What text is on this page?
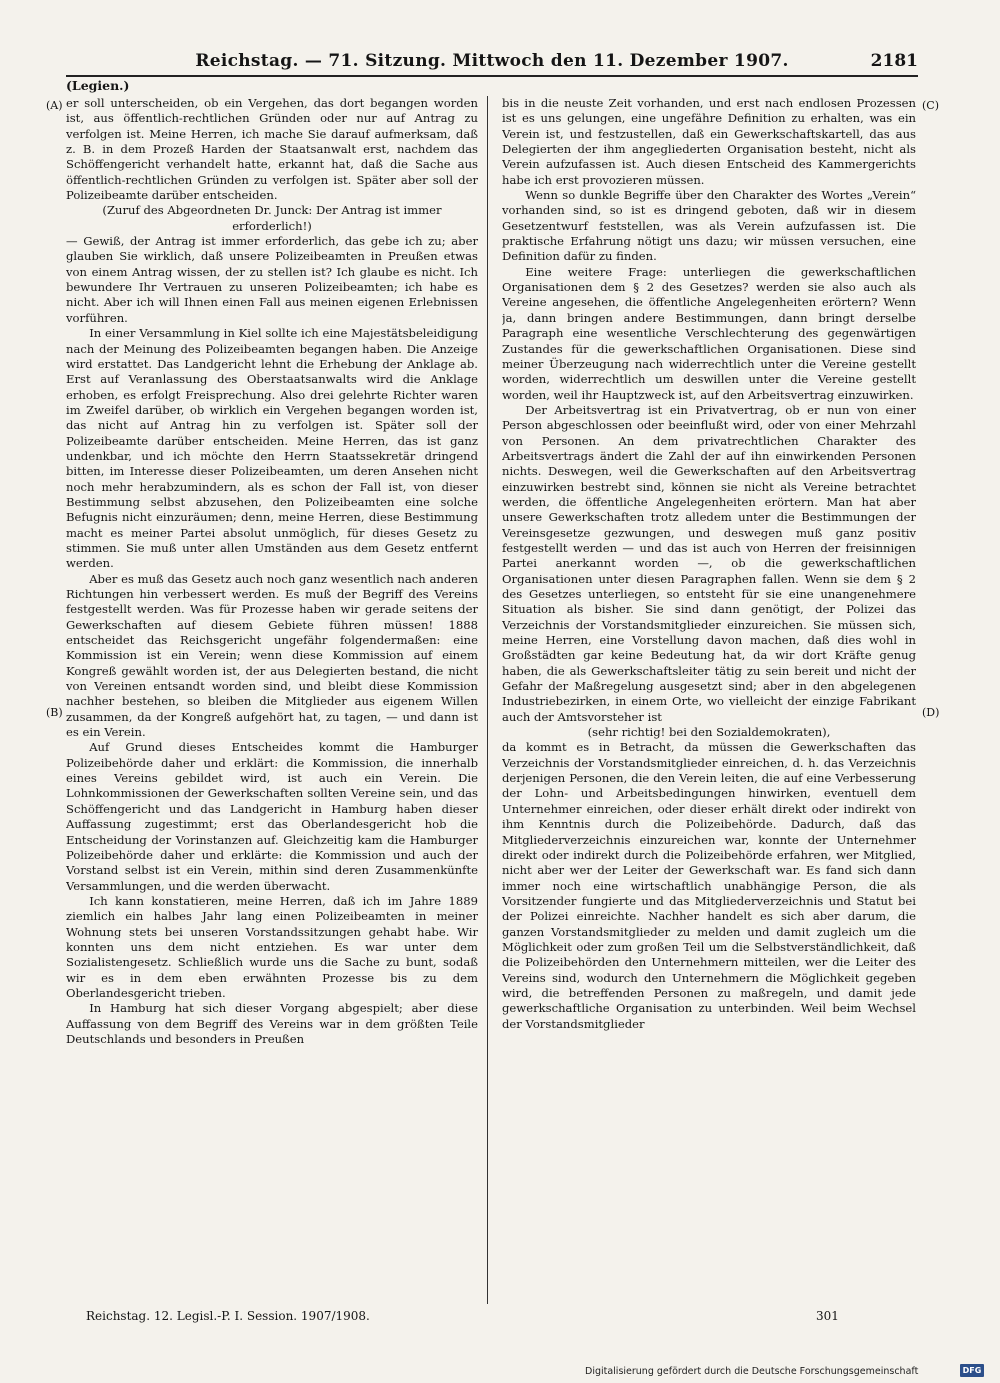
Reichstag. — 71. Sitzung. Mittwoch den 11. Dezember 1907.	2181
(Legien.)
(A)
(B)
(C)
(D)

er soll unterscheiden, ob ein Vergehen, das dort begangen worden ist, aus öffentlich-rechtlichen Gründen oder nur auf Antrag zu verfolgen ist. Meine Herren, ich mache Sie darauf aufmerksam, daß z. B. in dem Prozeß Harden der Staatsanwalt erst, nachdem das Schöffengericht verhandelt hatte, erkannt hat, daß die Sache aus öffentlich-rechtlichen Gründen zu verfolgen ist. Später aber soll der Polizeibeamte darüber entscheiden.

(Zuruf des Abgeordneten Dr. Junck: Der Antrag ist immer erforderlich!)

— Gewiß, der Antrag ist immer erforderlich, das gebe ich zu; aber glauben Sie wirklich, daß unsere Polizeibeamten in Preußen etwas von einem Antrag wissen, der zu stellen ist? Ich glaube es nicht. Ich bewundere Ihr Vertrauen zu unseren Polizeibeamten; ich habe es nicht. Aber ich will Ihnen einen Fall aus meinen eigenen Erlebnissen vorführen.

In einer Versammlung in Kiel sollte ich eine Majestätsbeleidigung nach der Meinung des Polizeibeamten begangen haben. Die Anzeige wird erstattet. Das Landgericht lehnt die Erhebung der Anklage ab. Erst auf Veranlassung des Oberstaatsanwalts wird die Anklage erhoben, es erfolgt Freisprechung. Also drei gelehrte Richter waren im Zweifel darüber, ob wirklich ein Vergehen begangen worden ist, das nicht auf Antrag hin zu verfolgen ist. Später soll der Polizeibeamte darüber entscheiden. Meine Herren, das ist ganz undenkbar, und ich möchte den Herrn Staatssekretär dringend bitten, im Interesse dieser Polizeibeamten, um deren Ansehen nicht noch mehr herabzumindern, als es schon der Fall ist, von dieser Bestimmung selbst abzusehen, den Polizeibeamten eine solche Befugnis nicht einzuräumen; denn, meine Herren, diese Bestimmung macht es meiner Partei absolut unmöglich, für dieses Gesetz zu stimmen. Sie muß unter allen Umständen aus dem Gesetz entfernt werden.

Aber es muß das Gesetz auch noch ganz wesentlich nach anderen Richtungen hin verbessert werden. Es muß der Begriff des Vereins festgestellt werden. Was für Prozesse haben wir gerade seitens der Gewerkschaften auf diesem Gebiete führen müssen! 1888 entscheidet das Reichsgericht ungefähr folgendermaßen: eine Kommission ist ein Verein; wenn diese Kommission auf einem Kongreß gewählt worden ist, der aus Delegierten bestand, die nicht von Vereinen entsandt worden sind, und bleibt diese Kommission nachher bestehen, so bleiben die Mitglieder aus eigenem Willen zusammen, da der Kongreß aufgehört hat, zu tagen, — und dann ist es ein Verein.

Auf Grund dieses Entscheides kommt die Hamburger Polizeibehörde daher und erklärt: die Kommission, die innerhalb eines Vereins gebildet wird, ist auch ein Verein. Die Lohnkommissionen der Gewerkschaften sollten Vereine sein, und das Schöffengericht und das Landgericht in Hamburg haben dieser Auffassung zugestimmt; erst das Oberlandesgericht hob die Entscheidung der Vorinstanzen auf. Gleichzeitig kam die Hamburger Polizeibehörde daher und erklärte: die Kommission und auch der Vorstand selbst ist ein Verein, mithin sind deren Zusammenkünfte Versammlungen, und die werden überwacht.

Ich kann konstatieren, meine Herren, daß ich im Jahre 1889 ziemlich ein halbes Jahr lang einen Polizeibeamten in meiner Wohnung stets bei unseren Vorstandssitzungen gehabt habe. Wir konnten uns dem nicht entziehen. Es war unter dem Sozialistengesetz. Schließlich wurde uns die Sache zu bunt, sodaß wir es in dem eben erwähnten Prozesse bis zu dem Oberlandesgericht trieben.

In Hamburg hat sich dieser Vorgang abgespielt; aber diese Auffassung von dem Begriff des Vereins war in dem größten Teile Deutschlands und besonders in Preußen

bis in die neuste Zeit vorhanden, und erst nach endlosen Prozessen ist es uns gelungen, eine ungefähre Definition zu erhalten, was ein Verein ist, und festzustellen, daß ein Gewerkschaftskartell, das aus Delegierten der ihm angegliederten Organisation besteht, nicht als Verein aufzufassen ist. Auch diesen Entscheid des Kammergerichts habe ich erst provozieren müssen.

Wenn so dunkle Begriffe über den Charakter des Wortes „Verein“ vorhanden sind, so ist es dringend geboten, daß wir in diesem Gesetzentwurf feststellen, was als Verein aufzufassen ist. Die praktische Erfahrung nötigt uns dazu; wir müssen versuchen, eine Definition dafür zu finden.

Eine weitere Frage: unterliegen die gewerkschaftlichen Organisationen dem § 2 des Gesetzes? werden sie also auch als Vereine angesehen, die öffentliche Angelegenheiten erörtern? Wenn ja, dann bringen andere Bestimmungen, dann bringt derselbe Paragraph eine wesentliche Verschlechterung des gegenwärtigen Zustandes für die gewerkschaftlichen Organisationen. Diese sind meiner Überzeugung nach widerrechtlich unter die Vereine gestellt worden, widerrechtlich um deswillen unter die Vereine gestellt worden, weil ihr Hauptzweck ist, auf den Arbeitsvertrag einzuwirken.

Der Arbeitsvertrag ist ein Privatvertrag, ob er nun von einer Person abgeschlossen oder beeinflußt wird, oder von einer Mehrzahl von Personen. An dem privatrechtlichen Charakter des Arbeitsvertrags ändert die Zahl der auf ihn einwirkenden Personen nichts. Deswegen, weil die Gewerkschaften auf den Arbeitsvertrag einzuwirken bestrebt sind, können sie nicht als Vereine betrachtet werden, die öffentliche Angelegenheiten erörtern. Man hat aber unsere Gewerkschaften trotz alledem unter die Bestimmungen der Vereinsgesetze gezwungen, und deswegen muß ganz positiv festgestellt werden — und das ist auch von Herren der freisinnigen Partei anerkannt worden —, ob die gewerkschaftlichen Organisationen unter diesen Paragraphen fallen. Wenn sie dem § 2 des Gesetzes unterliegen, so entsteht für sie eine unangenehmere Situation als bisher. Sie sind dann genötigt, der Polizei das Verzeichnis der Vorstandsmitglieder einzureichen. Sie müssen sich, meine Herren, eine Vorstellung davon machen, daß dies wohl in Großstädten gar keine Bedeutung hat, da wir dort Kräfte genug haben, die als Gewerkschaftsleiter tätig zu sein bereit und nicht der Gefahr der Maßregelung ausgesetzt sind; aber in den abgelegenen Industriebezirken, in einem Orte, wo vielleicht der einzige Fabrikant auch der Amtsvorsteher ist

(sehr richtig! bei den Sozialdemokraten),

da kommt es in Betracht, da müssen die Gewerkschaften das Verzeichnis der Vorstandsmitglieder einreichen, d. h. das Verzeichnis derjenigen Personen, die den Verein leiten, die auf eine Verbesserung der Lohn- und Arbeitsbedingungen hinwirken, eventuell dem Unternehmer einreichen, oder dieser erhält direkt oder indirekt von ihm Kenntnis durch die Polizeibehörde. Dadurch, daß das Mitgliederverzeichnis einzureichen war, konnte der Unternehmer direkt oder indirekt durch die Polizeibehörde erfahren, wer Mitglied, nicht aber wer der Leiter der Gewerkschaft war. Es fand sich dann immer noch eine wirtschaftlich unabhängige Person, die als Vorsitzender fungierte und das Mitgliederverzeichnis und Statut bei der Polizei einreichte. Nachher handelt es sich aber darum, die ganzen Vorstandsmitglieder zu melden und damit zugleich um die Möglichkeit oder zum großen Teil um die Selbstverständlichkeit, daß die Polizeibehörden den Unternehmern mitteilen, wer die Leiter des Vereins sind, wodurch den Unternehmern die Möglichkeit gegeben wird, die betreffenden Personen zu maßregeln, und damit jede gewerkschaftliche Organisation zu unterbinden. Weil beim Wechsel der Vorstandsmitglieder

Reichstag. 12. Legisl.-P. I. Session. 1907/1908.	301
Digitalisierung gefördert durch die Deutsche Forschungsgemeinschaft	DFG
